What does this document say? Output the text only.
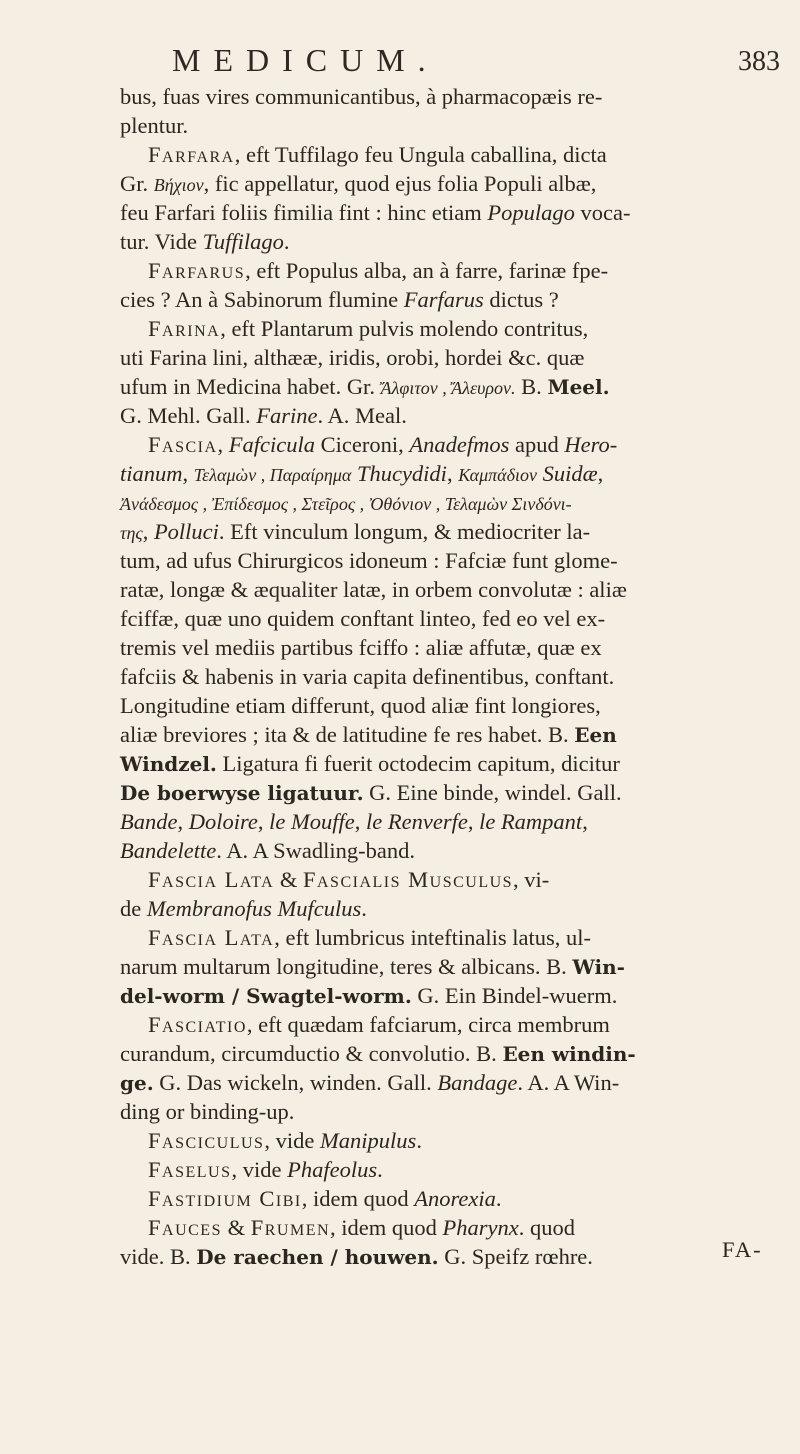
MEDICUM.	383
bus, fuas vires communicantibus, à pharmacopæis re-
plentur.
Farfara, eft Tuffilago feu Ungula caballina, dicta
Gr. Βήχιον, fic appellatur, quod ejus folia Populi albæ,
feu Farfari foliis fimilia fint : hinc etiam Populago voca-
tur. Vide Tuffilago.
Farfarus, eft Populus alba, an à farre, farinæ fpe-
cies ? An à Sabinorum flumine Farfarus dictus ?
Farina, eft Plantarum pulvis molendo contritus,
uti Farina lini, althææ, iridis, orobi, hordei &c. quæ
ufum in Medicina habet. Gr. Ἄλφιτον , Ἄλευρον. B. Meel.
G. Mehl. Gall. Farine. A. Meal.
Fascia, Fafcicula Ciceroni, Anadefmos apud Hero-
tianum, Τελαμὼν , Παραίρημα Thucydidi, Καμπάδιον Suidæ,
Ἀνάδεσμος , Ἐπίδεσμος , Στεῖρος , Ὀθόνιον , Τελαμὼν Σινδόνι-
της, Polluci. Eft vinculum longum, & mediocriter la-
tum, ad ufus Chirurgicos idoneum : Fafciæ funt glome-
ratæ, longæ & æqualiter latæ, in orbem convolutæ : aliæ
fciffæ, quæ uno quidem conftant linteo, fed eo vel ex-
tremis vel mediis partibus fciffo : aliæ affutæ, quæ ex
fafciis & habenis in varia capita definentibus, conftant.
Longitudine etiam differunt, quod aliæ fint longiores,
aliæ breviores ; ita & de latitudine fe res habet. B. Een
Windzel. Ligatura fi fuerit octodecim capitum, dicitur
De boerwyse ligatuur. G. Eine binde, windel. Gall.
Bande, Doloire, le Mouffe, le Renverfe, le Rampant,
Bandelette. A. A Swadling-band.
Fascia Lata & Fascialis Musculus, vi-
de Membranofus Mufculus.
Fascia Lata, eft lumbricus inteftinalis latus, ul-
narum multarum longitudine, teres & albicans. B. Win-
del-worm / Swagtel-worm. G. Ein Bindel-wuerm.
Fasciatio, eft quædam fafciarum, circa membrum
curandum, circumductio & convolutio. B. Een windin-
ge. G. Das wickeln, winden. Gall. Bandage. A. A Win-
ding or binding-up.
Fasciculus, vide Manipulus.
Faselus, vide Phafeolus.
Fastidium Cibi, idem quod Anorexia.
Fauces & Frumen, idem quod Pharynx. quod
vide. B. De raechen / houwen. G. Speifz rœhre.	FA-
